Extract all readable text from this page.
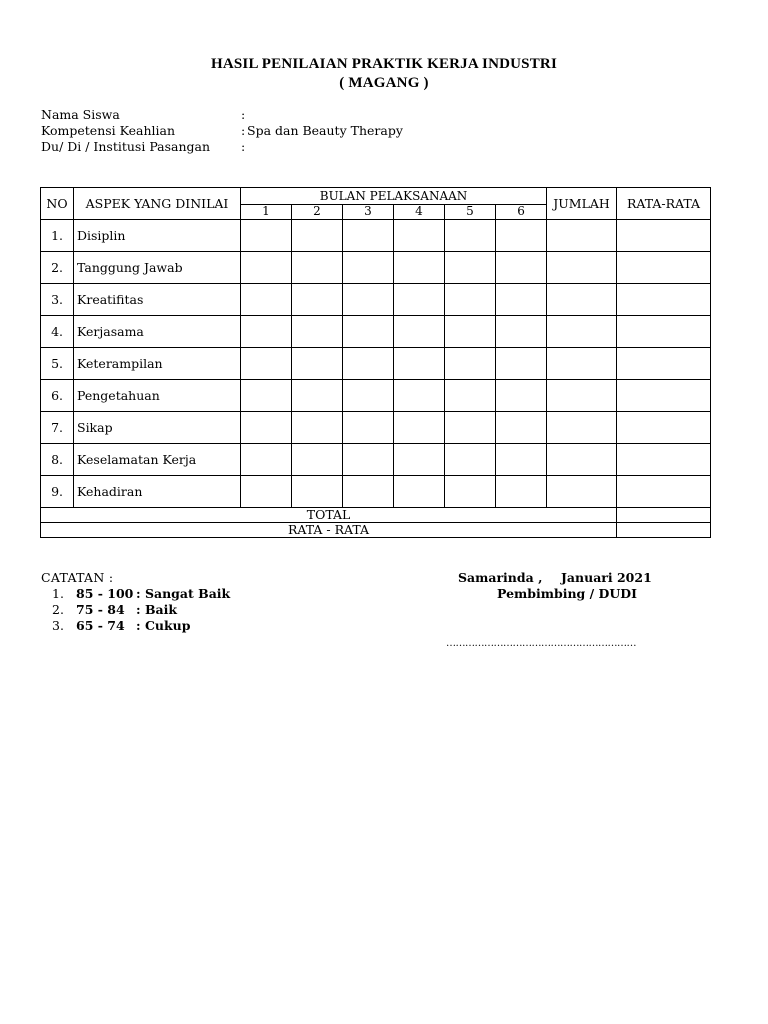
HASIL PENILAIAN PRAKTIK KERJA INDUSTRI
( MAGANG )
Nama Siswa	:
Kompetensi Keahlian	: Spa dan Beauty Therapy
Du/ Di / Institusi Pasangan	:
NO	ASPEK YANG DINILAI	BULAN PELAKSANAAN						JUMLAH	RATA-RATA
		1	2	3	4	5	6		
1.	Disiplin								
2.	Tanggung Jawab								
3.	Kreatifitas								
4.	Kerjasama								
5.	Keterampilan								
6.	Pengetahuan								
7.	Sikap								
8.	Keselamatan Kerja								
9.	Kehadiran								
TOTAL									
RATA - RATA									
CATATAN :
1. 85 - 100 : Sangat Baik
2. 75 - 84 : Baik
3. 65 - 74 : Cukup
Samarinda , Januari 2021
Pembimbing / DUDI
……………………………………………………
